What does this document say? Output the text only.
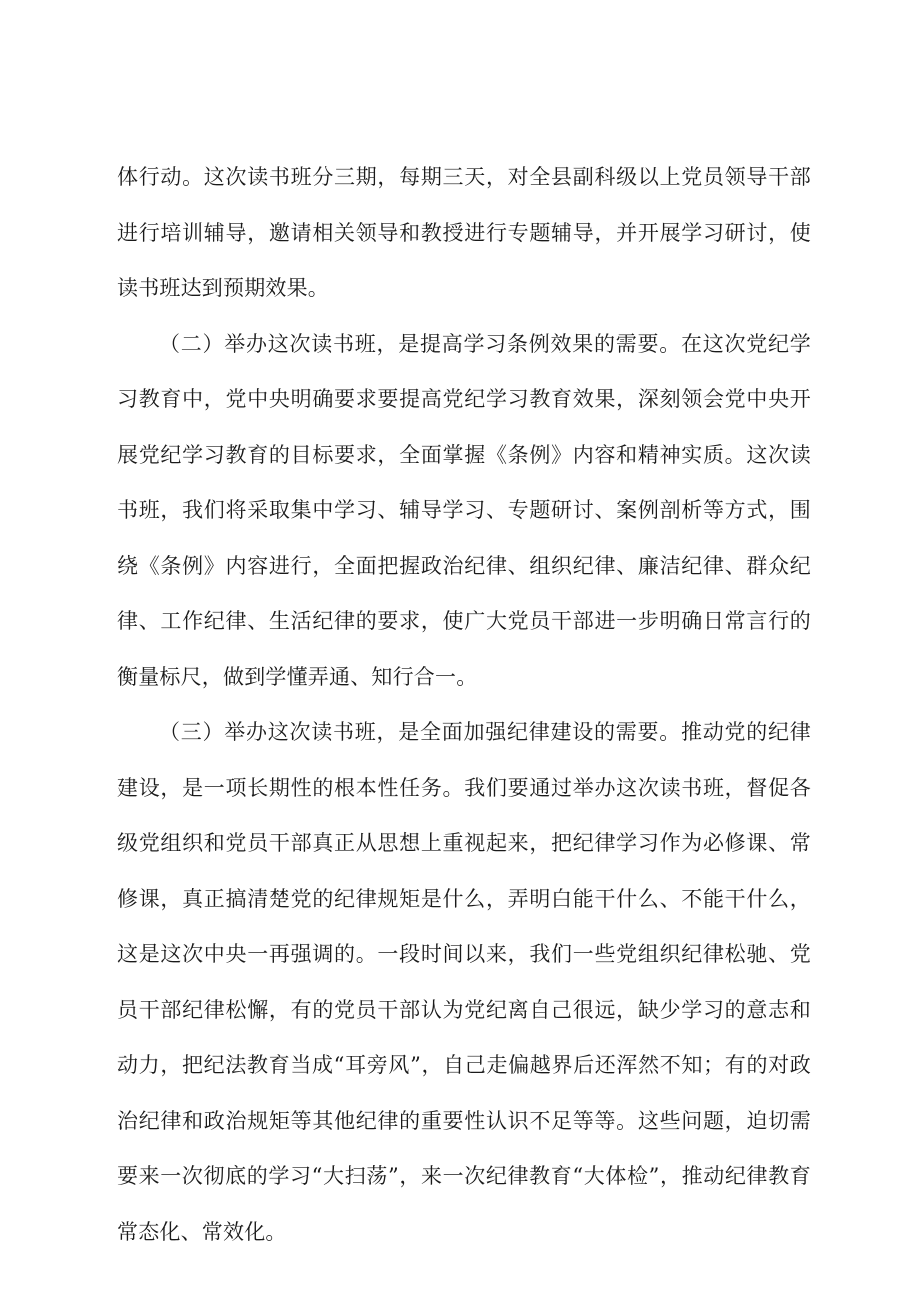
体行动。这次读书班分三期，每期三天，对全县副科级以上党员领导干部进行培训辅导，邀请相关领导和教授进行专题辅导，并开展学习研讨，使读书班达到预期效果。

（二）举办这次读书班，是提高学习条例效果的需要。在这次党纪学习教育中，党中央明确要求要提高党纪学习教育效果，深刻领会党中央开展党纪学习教育的目标要求，全面掌握《条例》内容和精神实质。这次读书班，我们将采取集中学习、辅导学习、专题研讨、案例剖析等方式，围绕《条例》内容进行，全面把握政治纪律、组织纪律、廉洁纪律、群众纪律、工作纪律、生活纪律的要求，使广大党员干部进一步明确日常言行的衡量标尺，做到学懂弄通、知行合一。

（三）举办这次读书班，是全面加强纪律建设的需要。推动党的纪律建设，是一项长期性的根本性任务。我们要通过举办这次读书班，督促各级党组织和党员干部真正从思想上重视起来，把纪律学习作为必修课、常修课，真正搞清楚党的纪律规矩是什么，弄明白能干什么、不能干什么，这是这次中央一再强调的。一段时间以来，我们一些党组织纪律松驰、党员干部纪律松懈，有的党员干部认为党纪离自己很远，缺少学习的意志和动力，把纪法教育当成“耳旁风”，自己走偏越界后还浑然不知；有的对政治纪律和政治规矩等其他纪律的重要性认识不足等等。这些问题，迫切需要来一次彻底的学习“大扫荡”，来一次纪律教育“大体检”，推动纪律教育常态化、常效化。
